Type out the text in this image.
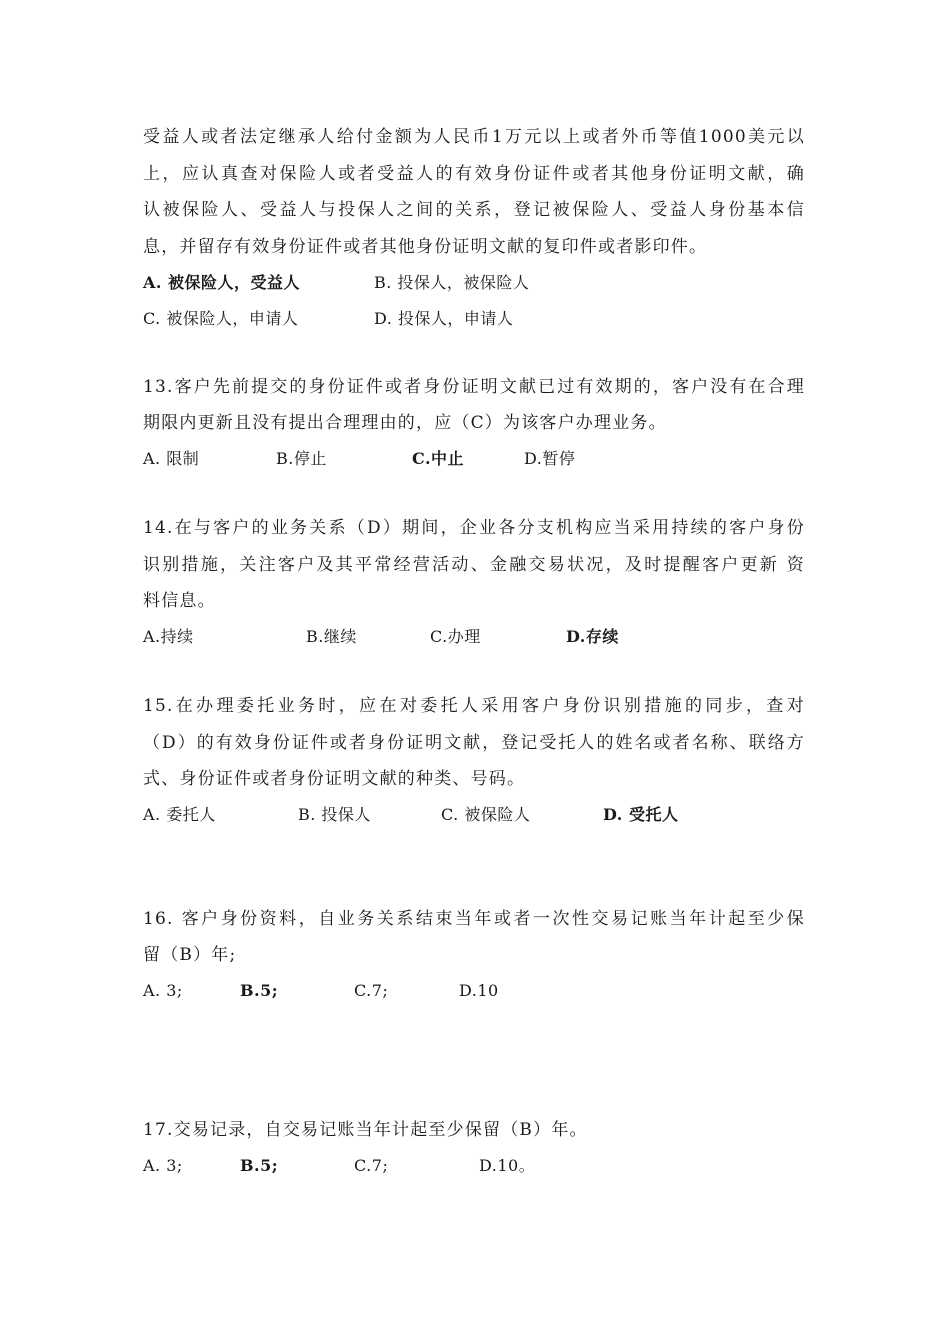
受益人或者法定继承人给付金额为人民币1万元以上或者外币等值1000美元以
上，应认真查对保险人或者受益人的有效身份证件或者其他身份证明文献，确
认被保险人、受益人与投保人之间的关系，登记被保险人、受益人身份基本信
息，并留存有效身份证件或者其他身份证明文献的复印件或者影印件。
A. 被保险人，受益人	B. 投保人，被保险人
C. 被保险人，申请人	D. 投保人，申请人
13.客户先前提交的身份证件或者身份证明文献已过有效期的，客户没有在合理
期限内更新且没有提出合理理由的，应（C）为该客户办理业务。
A. 限制	B.停止	C.中止	D.暂停
14.在与客户的业务关系（D）期间，企业各分支机构应当采用持续的客户身份
识别措施，关注客户及其平常经营活动、金融交易状况，及时提醒客户更新 资
料信息。
A.持续	B.继续	C.办理	D.存续
15.在办理委托业务时，应在对委托人采用客户身份识别措施的同步，查对
（D）的有效身份证件或者身份证明文献，登记受托人的姓名或者名称、联络方
式、身份证件或者身份证明文献的种类、号码。
A. 委托人	B. 投保人	C. 被保险人	D. 受托人
16. 客户身份资料，自业务关系结束当年或者一次性交易记账当年计起至少保
留（B）年;
A. 3;	B.5;	C.7;	D.10
17.交易记录，自交易记账当年计起至少保留（B）年。
A. 3;	B.5;	C.7;	D.10。
